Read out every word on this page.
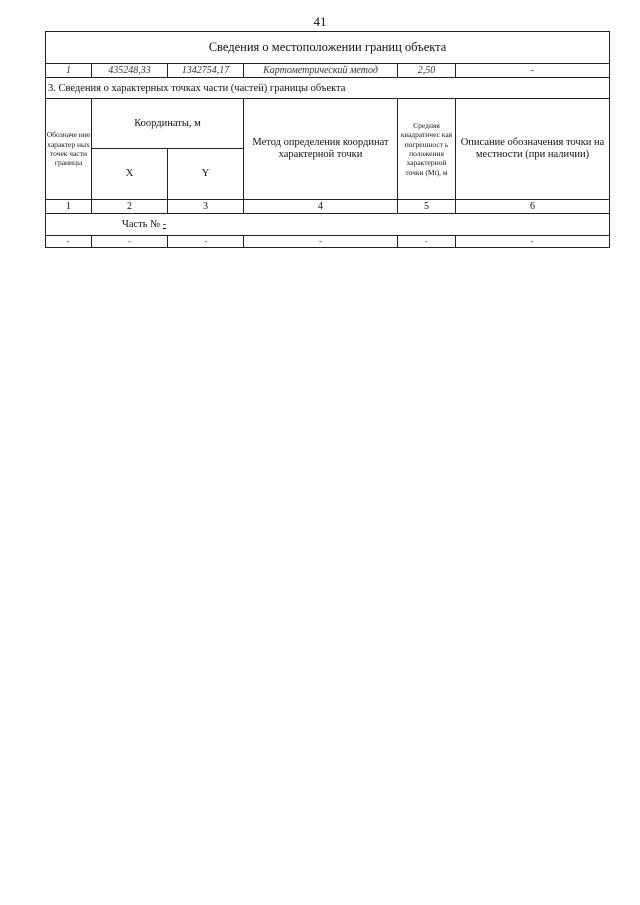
41
Сведения о местоположении границ объекта					
1	435248,33	1342754,17	Картометрический метод	2,50	-
3. Сведения о характерных точках части (частей) границы объекта					
Обозначе ние характер ных точек части границы	Координаты, м		Метод определения координат характерной точки	Средняя квадратичес кая погрешност ь положения характерной точки (Mt), м	Описание обозначения точки на местности (при наличии)
	X	Y			
1	2	3	4	5	6
Часть № -					
-	-	-	-	-	-
